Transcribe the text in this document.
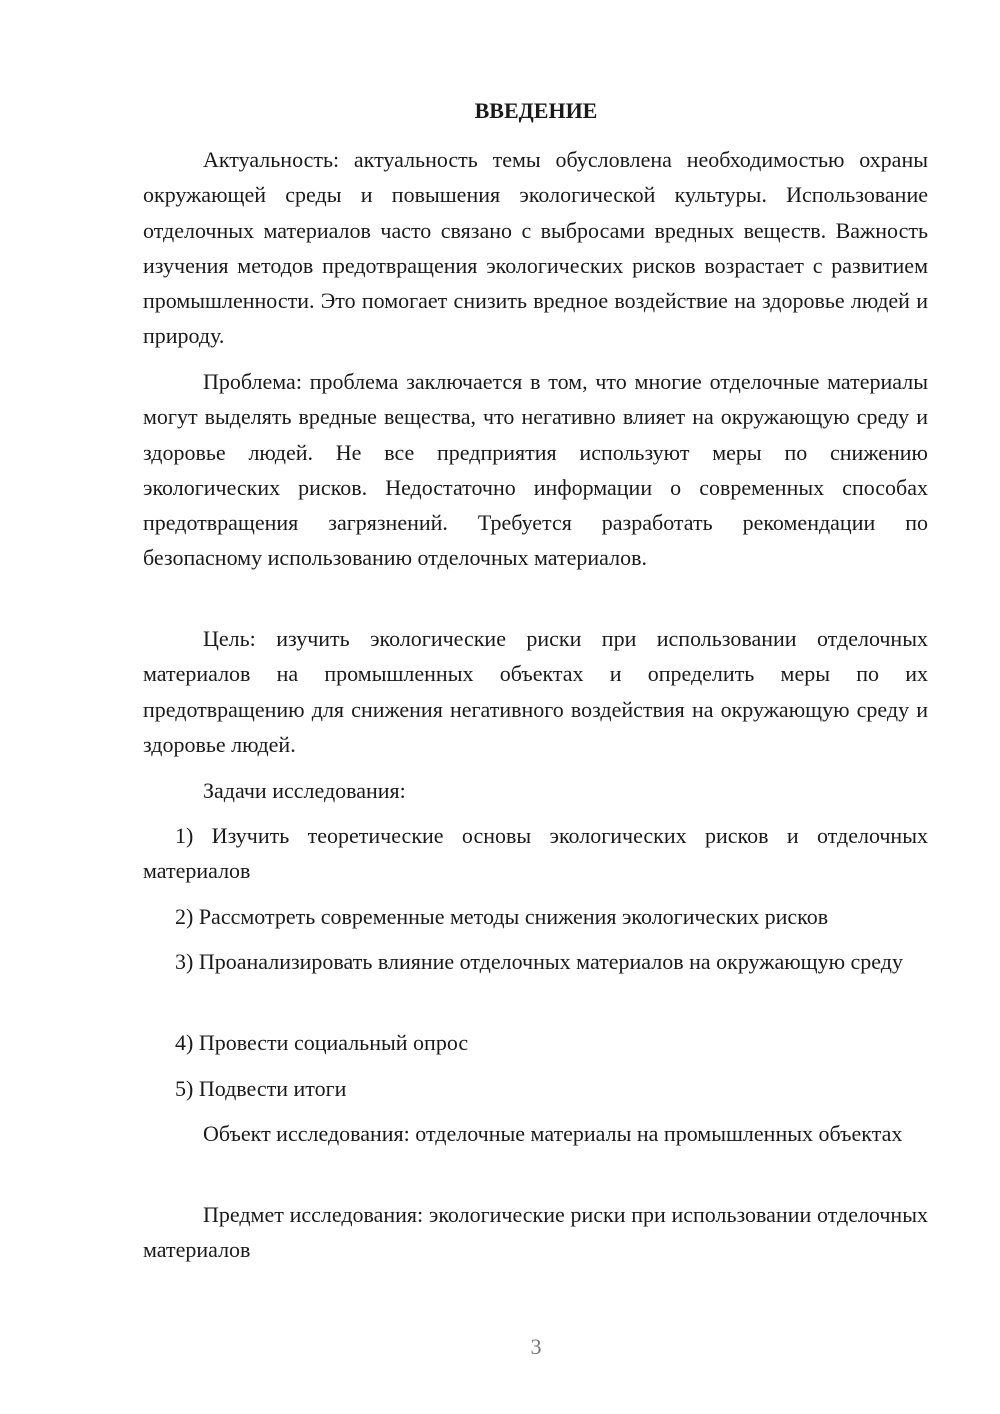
ВВЕДЕНИЕ

Актуальность: актуальность темы обусловлена необходимостью охраны окружающей среды и повышения экологической культуры. Использование отделочных материалов часто связано с выбросами вредных веществ. Важность изучения методов предотвращения экологических рисков возрастает с развитием промышленности. Это помогает снизить вредное воздействие на здоровье людей и природу.

Проблема: проблема заключается в том, что многие отделочные материалы могут выделять вредные вещества, что негативно влияет на окружающую среду и здоровье людей. Не все предприятия используют меры по снижению экологических рисков. Недостаточно информации о современных способах предотвращения загрязнений. Требуется разработать рекомендации по безопасному использованию отделочных материалов.

Цель: изучить экологические риски при использовании отделочных материалов на промышленных объектах и определить меры по их предотвращению для снижения негативного воздействия на окружающую среду и здоровье людей.

Задачи исследования:

1) Изучить теоретические основы экологических рисков и отделочных материалов

2) Рассмотреть современные методы снижения экологических рисков

3) Проанализировать влияние отделочных материалов на окружающую среду

4) Провести социальный опрос

5) Подвести итоги

Объект исследования: отделочные материалы на промышленных объектах

Предмет исследования: экологические риски при использовании отделочных материалов

3
